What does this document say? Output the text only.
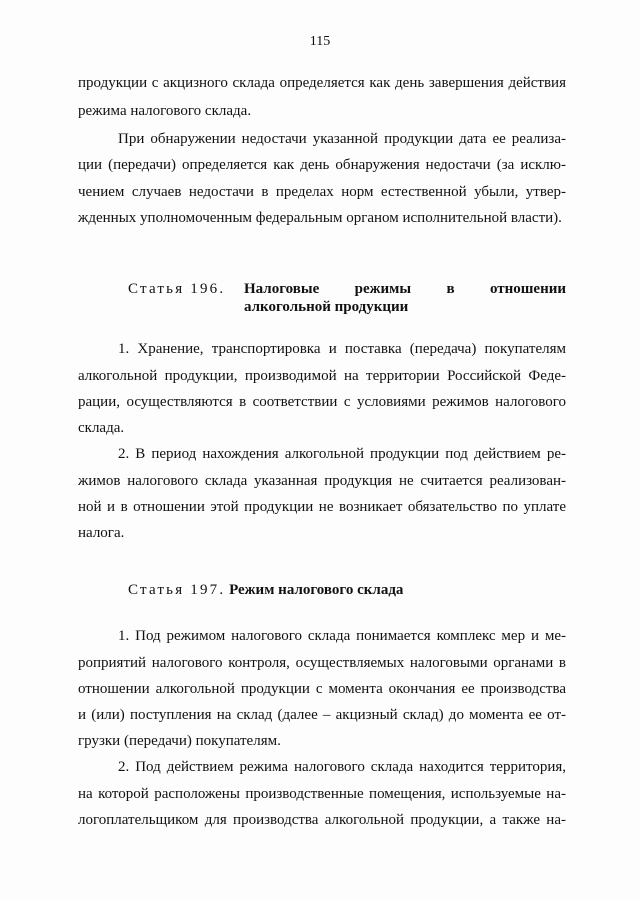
115
продукции с акцизного склада определяется как день завершения действия
режима налогового склада.
При обнаружении недостачи указанной продукции дата ее реализа-
ции (передачи) определяется как день обнаружения недостачи (за исклю-
чением случаев недостачи в пределах норм естественной убыли, утвер-
жденных уполномоченным федеральным органом исполнительной власти).
Статья 196. Налоговые режимы в отношении
алкогольной продукции
1. Хранение, транспортировка и поставка (передача) покупателям
алкогольной продукции, производимой на территории Российской Феде-
рации, осуществляются в соответствии с условиями режимов налогового
склада.
2. В период нахождения алкогольной продукции под действием ре-
жимов налогового склада указанная продукция не считается реализован-
ной и в отношении этой продукции не возникает обязательство по уплате
налога.
Статья 197. Режим налогового склада
1. Под режимом налогового склада понимается комплекс мер и ме-
роприятий налогового контроля, осуществляемых налоговыми органами в
отношении алкогольной продукции с момента окончания ее производства
и (или) поступления на склад (далее – акцизный склад) до момента ее от-
грузки (передачи) покупателям.
2. Под действием режима налогового склада находится территория,
на которой расположены производственные помещения, используемые на-
логоплательщиком для производства алкогольной продукции, а также на-
